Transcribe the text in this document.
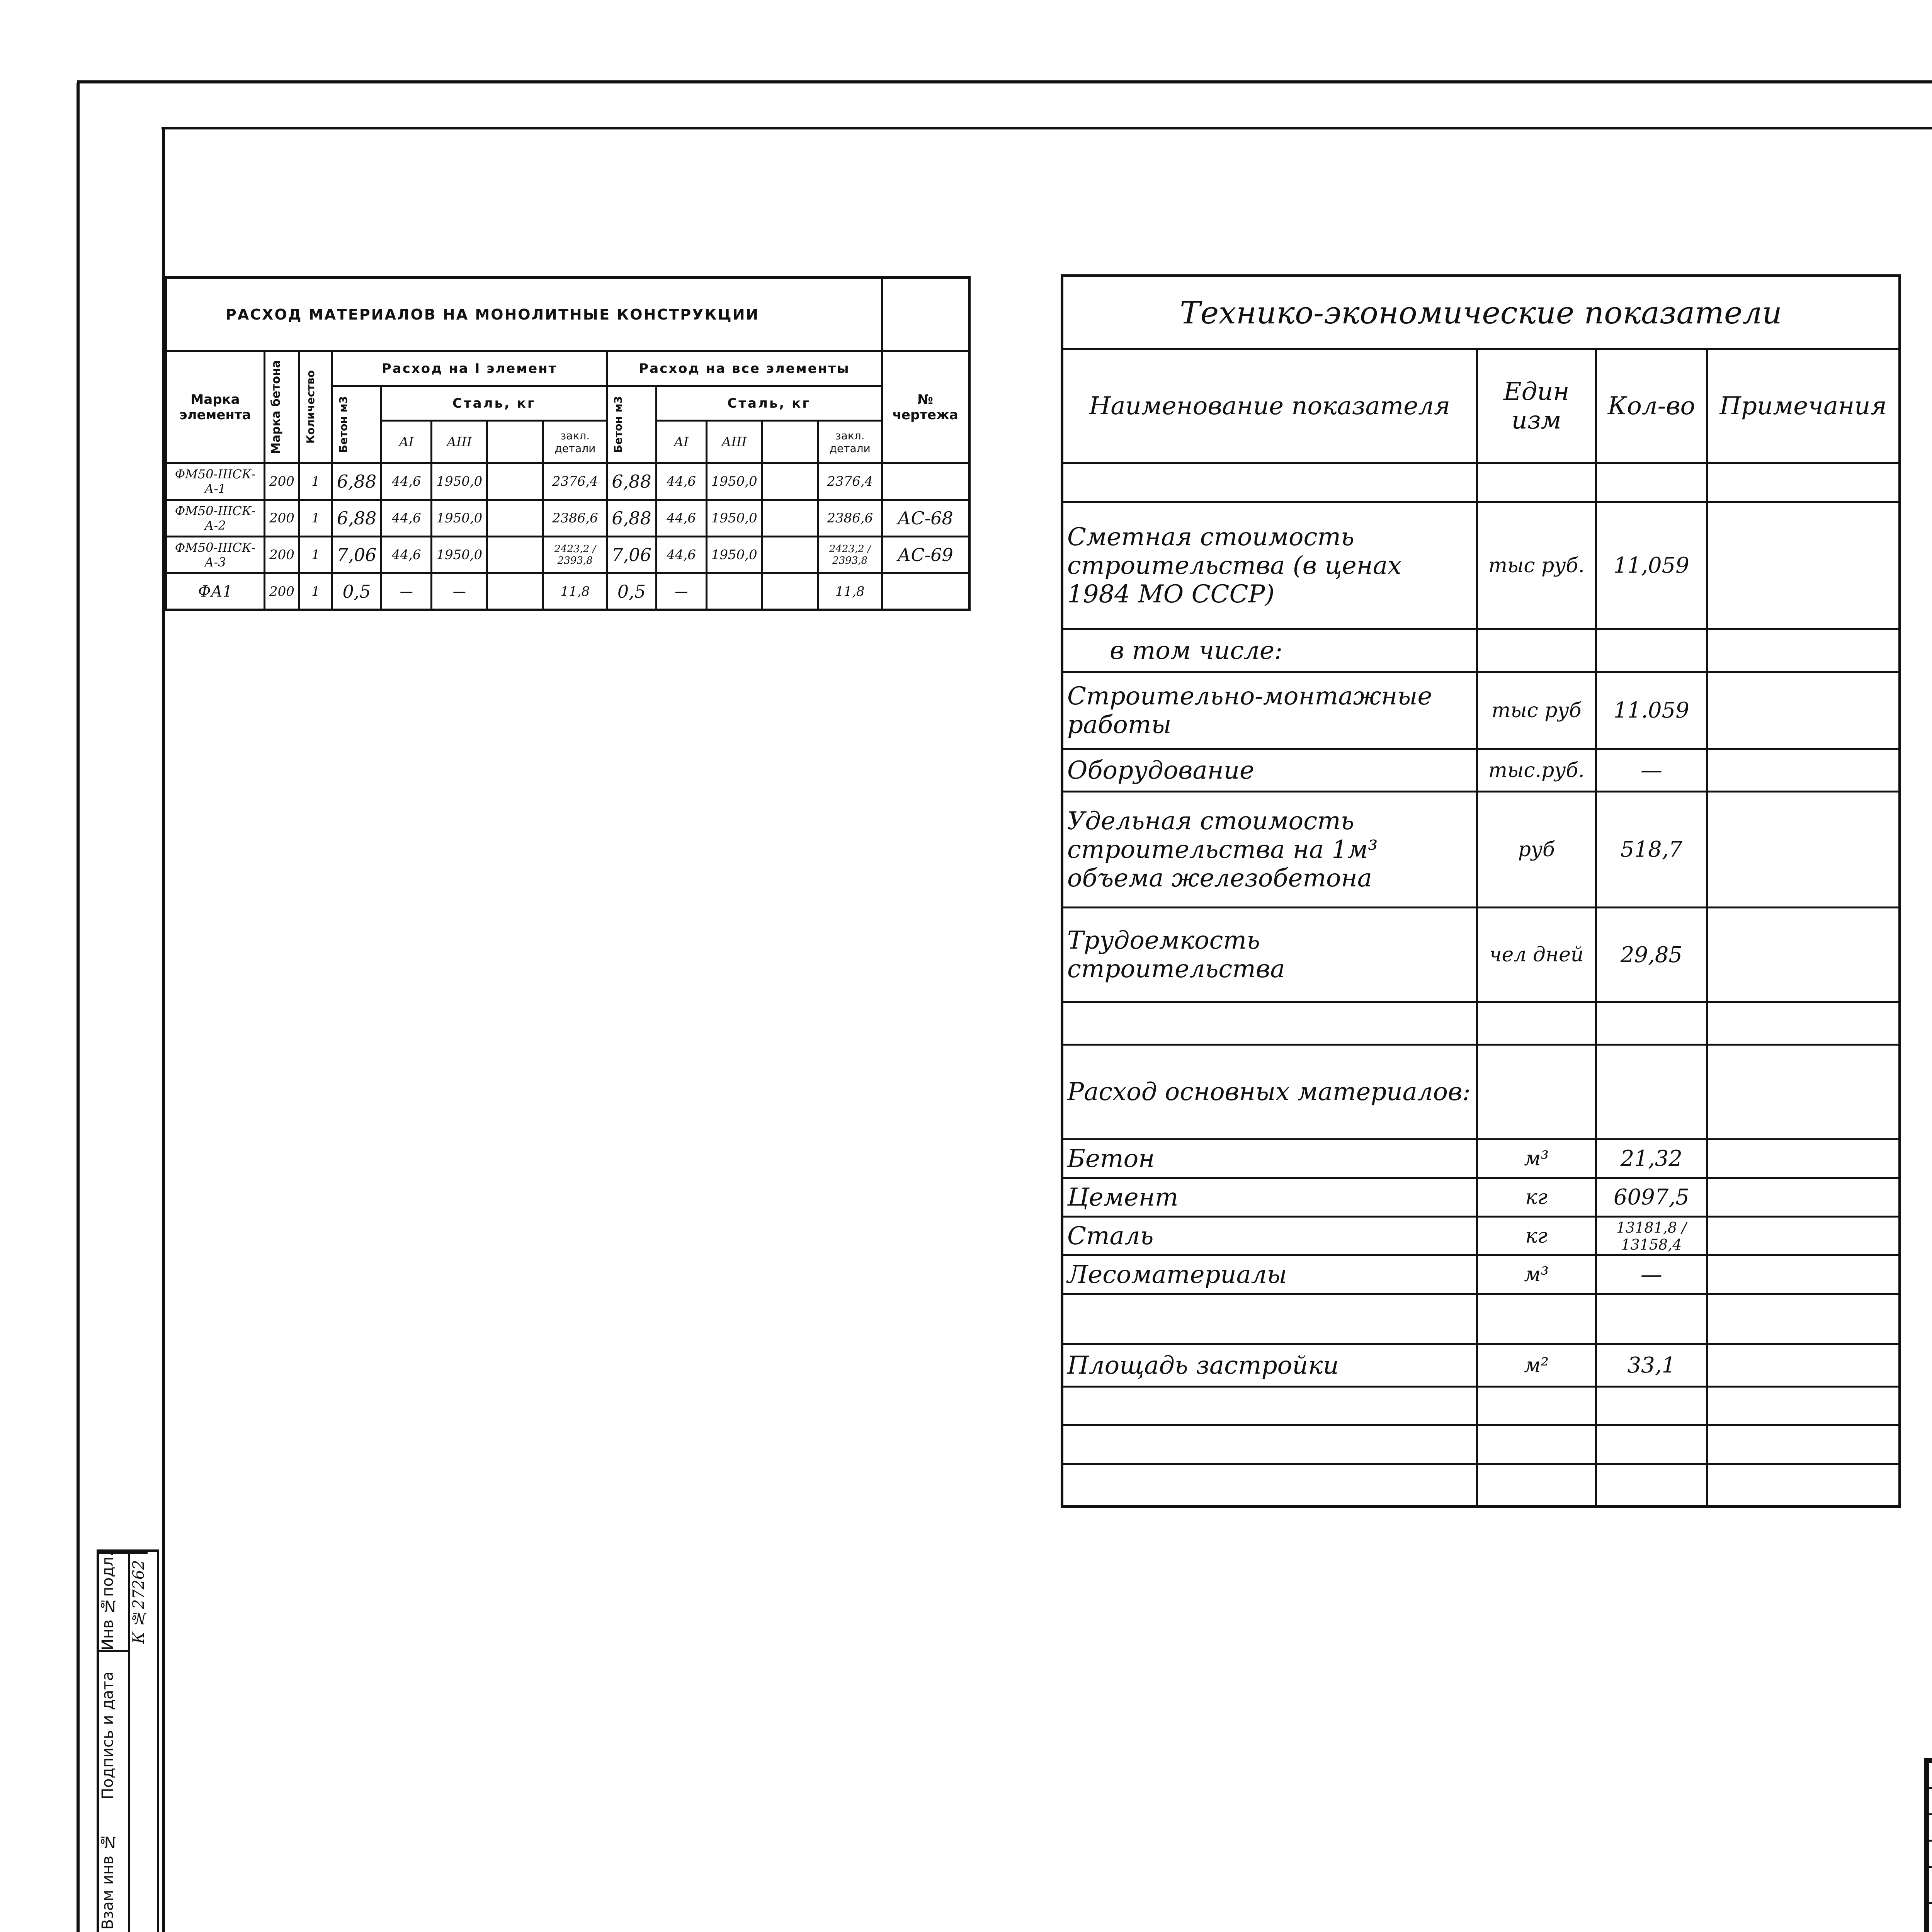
Инв №подл.
Подпись и дата
Взам инв №
К №27262
РАСХОД МАТЕРИАЛОВ НА МОНОЛИТНЫЕ КОНСТРУКЦИИ													
Марка элемента	Марка бетона	Количество	Расход на I элемент					Расход на все элементы					№ чертежа

			Бетон м3	Сталь, кг				Бетон м3	Сталь, кг				
				AI	AIII		закл. детали		AI	AIII		закл. детали	
ФМ50-IIIСК-А-1	200	1	6,88	44,6	1950,0		2376,4	6,88	44,6	1950,0		2376,4	
ФМ50-IIIСК-А-2	200	1	6,88	44,6	1950,0		2386,6	6,88	44,6	1950,0		2386,6	АС-68
ФМ50-IIIСК-А-3	200	1	7,06	44,6	1950,0		2423,2 / 2393,8	7,06	44,6	1950,0		2423,2 / 2393,8	АС-69
ФА1	200	1	0,5	—	—		11,8	0,5	—			11,8	
Технико-экономические показатели			
Наименование показателя	Един изм	Кол-во	Примечания

Сметная стоимость строительства (в ценах 1984 МО СССР)	тыс руб.	11,059	
в том числе:			
Строительно-монтажные работы	тыс руб	11.059	
Оборудование	тыс.руб.	—	
Удельная стоимость строительства на 1м³ объема железобетона	руб	518,7	
Трудоемкость строительства	чел дней	29,85	

Расход основных материалов:			
Бетон	м³	21,32	
Цемент	кг	6097,5	
Сталь	кг	13181,8 / 13158,4	
Лесоматериалы	м³	—	

Площадь застройки	м²	33,1	
